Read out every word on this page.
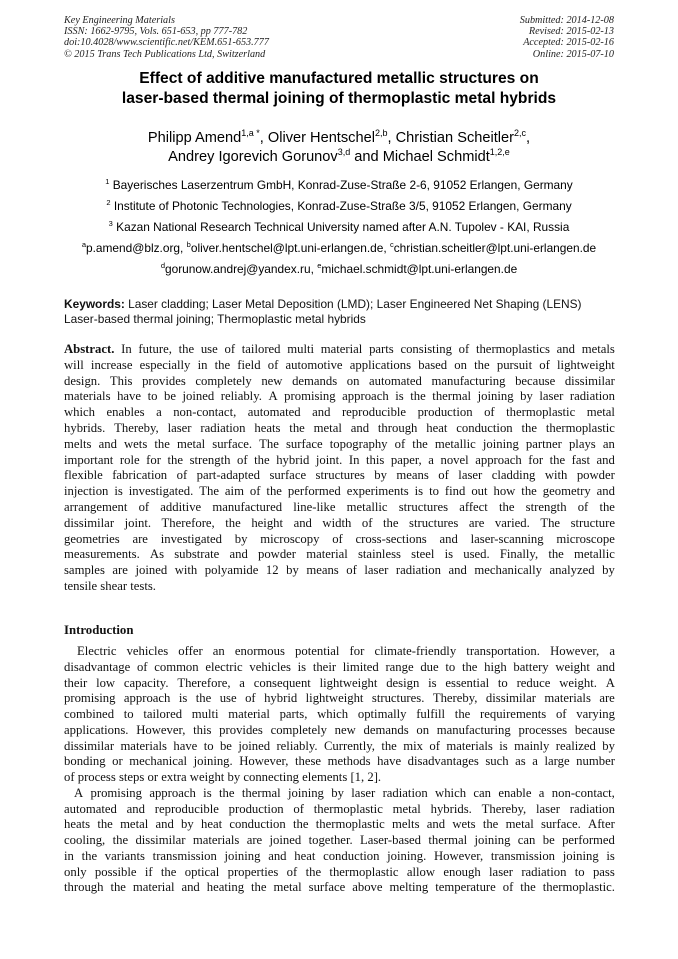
Key Engineering Materials
ISSN: 1662-9795, Vols. 651-653, pp 777-782
doi:10.4028/www.scientific.net/KEM.651-653.777
© 2015 Trans Tech Publications Ltd, Switzerland
Submitted: 2014-12-08
Revised: 2015-02-13
Accepted: 2015-02-16
Online: 2015-07-10
Effect of additive manufactured metallic structures on
laser-based thermal joining of thermoplastic metal hybrids
Philipp Amend$^{1,a *}$, Oliver Hentschel$^{2,b}$, Christian Scheitler$^{2,c}$,
Andrey Igorevich Gorunov$^{3,d}$ and Michael Schmidt$^{1,2,e}$
$^1$ Bayerisches Laserzentrum GmbH, Konrad-Zuse-Straße 2-6, 91052 Erlangen, Germany
$^2$ Institute of Photonic Technologies, Konrad-Zuse-Straße 3/5, 91052 Erlangen, Germany
$^3$ Kazan National Research Technical University named after A.N. Tupolev - KAI, Russia
$^a$p.amend@blz.org, $^b$oliver.hentschel@lpt.uni-erlangen.de, $^c$christian.scheitler@lpt.uni-erlangen.de
$^d$gorunow.andrej@yandex.ru, $^e$michael.schmidt@lpt.uni-erlangen.de
Keywords: Laser cladding; Laser Metal Deposition (LMD); Laser Engineered Net Shaping (LENS)
Laser-based thermal joining; Thermoplastic metal hybrids
Abstract. In future, the use of tailored multi material parts consisting of thermoplastics and metals
will increase especially in the field of automotive applications based on the pursuit of lightweight
design. This provides completely new demands on automated manufacturing because dissimilar
materials have to be joined reliably. A promising approach is the thermal joining by laser radiation
which enables a non-contact, automated and reproducible production of thermoplastic metal
hybrids. Thereby, laser radiation heats the metal and through heat conduction the thermoplastic
melts and wets the metal surface. The surface topography of the metallic joining partner plays an
important role for the strength of the hybrid joint. In this paper, a novel approach for the fast and
flexible fabrication of part-adapted surface structures by means of laser cladding with powder
injection is investigated. The aim of the performed experiments is to find out how the geometry and
arrangement of additive manufactured line-like metallic structures affect the strength of the
dissimilar joint. Therefore, the height and width of the structures are varied. The structure
geometries are investigated by microscopy of cross-sections and laser-scanning microscope
measurements. As substrate and powder material stainless steel is used. Finally, the metallic
samples are joined with polyamide 12 by means of laser radiation and mechanically analyzed by
tensile shear tests.
Introduction
Electric vehicles offer an enormous potential for climate-friendly transportation. However, a
disadvantage of common electric vehicles is their limited range due to the high battery weight and
their low capacity. Therefore, a consequent lightweight design is essential to reduce weight. A
promising approach is the use of hybrid lightweight structures. Thereby, dissimilar materials are
combined to tailored multi material parts, which optimally fulfill the requirements of varying
applications. However, this provides completely new demands on manufacturing processes because
dissimilar materials have to be joined reliably. Currently, the mix of materials is mainly realized by
bonding or mechanical joining. However, these methods have disadvantages such as a large number
of process steps or extra weight by connecting elements [1, 2].
A promising approach is the thermal joining by laser radiation which can enable a non-contact,
automated and reproducible production of thermoplastic metal hybrids. Thereby, laser radiation
heats the metal and by heat conduction the thermoplastic melts and wets the metal surface. After
cooling, the dissimilar materials are joined together. Laser-based thermal joining can be performed
in the variants transmission joining and heat conduction joining. However, transmission joining is
only possible if the optical properties of the thermoplastic allow enough laser radiation to pass
through the material and heating the metal surface above melting temperature of the thermoplastic.
